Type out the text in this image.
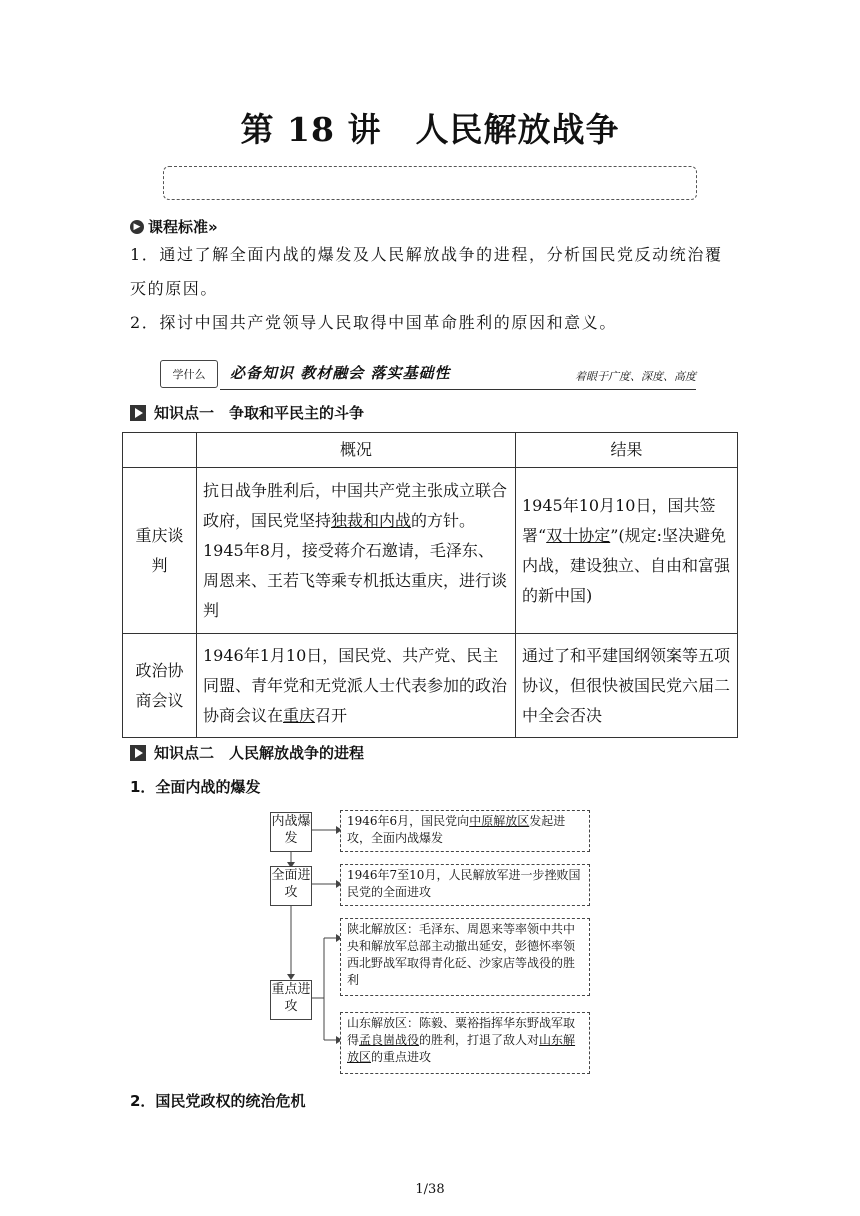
第 18 讲　人民解放战争
▶ 课程标准 »
1．通过了解全面内战的爆发及人民解放战争的进程，分析国民党反动统治覆灭的原因。
2．探讨中国共产党领导人民取得中国革命胜利的原因和意义。
学什么	必备知识 教材融会 落实基础性	着眼于广度、深度、高度
知识点一　争取和平民主的斗争
	概况	结果
重庆谈判	抗日战争胜利后，中国共产党主张成立联合政府，国民党坚持独裁和内战的方针。1945年8月，接受蒋介石邀请，毛泽东、周恩来、王若飞等乘专机抵达重庆，进行谈判	1945年10月10日，国共签署“双十协定”(规定:坚决避免内战，建设独立、自由和富强的新中国)
政治协商会议	1946年1月10日，国民党、共产党、民主同盟、青年党和无党派人士代表参加的政治协商会议在重庆召开	通过了和平建国纲领案等五项协议，但很快被国民党六届二中全会否决
知识点二　人民解放战争的进程
1．全面内战的爆发
内战爆发
全面进攻
重点进攻
1946年6月，国民党向中原解放区发起进攻，全面内战爆发
1946年7至10月，人民解放军进一步挫败国民党的全面进攻
陕北解放区：毛泽东、周恩来等率领中共中央和解放军总部主动撤出延安，彭德怀率领西北野战军取得青化砭、沙家店等战役的胜利
山东解放区：陈毅、粟裕指挥华东野战军取得孟良崮战役的胜利，打退了敌人对山东解放区的重点进攻
2．国民党政权的统治危机
1/38
